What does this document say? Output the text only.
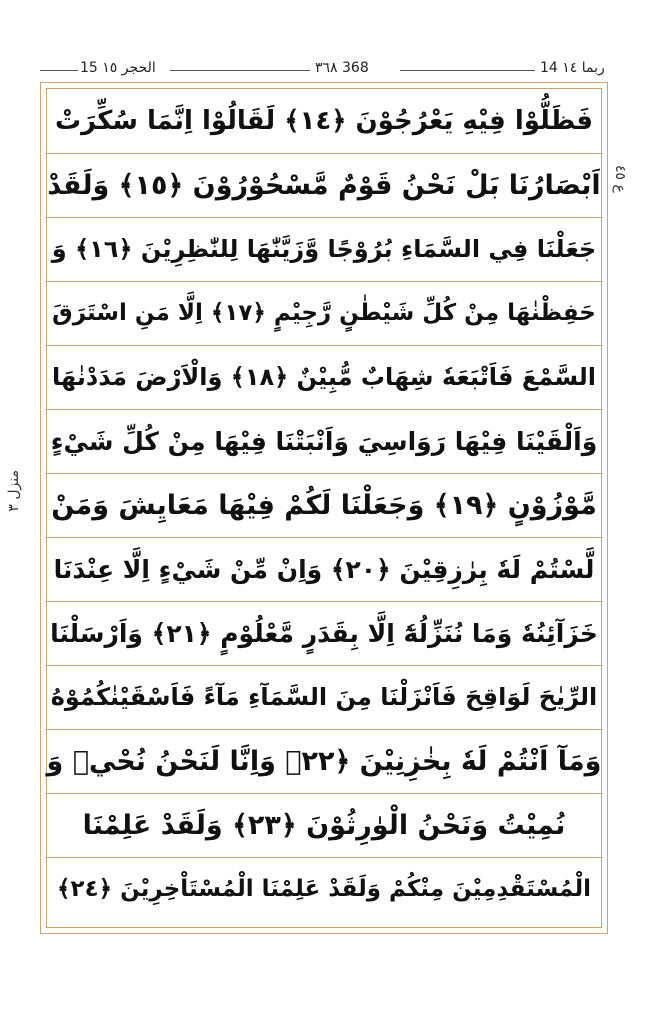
الحجر ١٥ 15	٣٦٨ 368	14 ربما ١٤
فَظَلُّوْا فِيْهِ يَعْرُجُوْنَ ﴿١٤﴾ لَقَالُوْا اِنَّمَا سُكِّرَتْ
اَبْصَارُنَا بَلْ نَحْنُ قَوْمٌ مَّسْحُوْرُوْنَ ﴿١٥﴾ وَلَقَدْ
جَعَلْنَا فِي السَّمَاءِ بُرُوْجًا وَّزَيَّنّٰهَا لِلنّٰظِرِيْنَ ﴿١٦﴾ وَ
حَفِظْنٰهَا مِنْ كُلِّ شَيْطٰنٍ رَّجِيْمٍ ﴿١٧﴾ اِلَّا مَنِ اسْتَرَقَ
السَّمْعَ فَاَتْبَعَهٗ شِهَابٌ مُّبِيْنٌ ﴿١٨﴾ وَالْاَرْضَ مَدَدْنٰهَا
وَاَلْقَيْنَا فِيْهَا رَوَاسِيَ وَاَنْبَتْنَا فِيْهَا مِنْ كُلِّ شَيْءٍ
مَّوْزُوْنٍ ﴿١٩﴾ وَجَعَلْنَا لَكُمْ فِيْهَا مَعَايِشَ وَمَنْ
لَّسْتُمْ لَهٗ بِرٰزِقِيْنَ ﴿٢٠﴾ وَاِنْ مِّنْ شَيْءٍ اِلَّا عِنْدَنَا
خَزَآئِنُهٗ وَمَا نُنَزِّلُهٗٓ اِلَّا بِقَدَرٍ مَّعْلُوْمٍ ﴿٢١﴾ وَاَرْسَلْنَا
الرِّيٰحَ لَوَاقِحَ فَاَنْزَلْنَا مِنَ السَّمَآءِ مَآءً فَاَسْقَيْنٰكُمُوْهُ
وَمَآ اَنْتُمْ لَهٗ بِخٰزِنِيْنَ ﴿٢٢﴾ وَاِنَّا لَنَحْنُ نُحْيٖ وَ
نُمِيْتُ وَنَحْنُ الْوٰرِثُوْنَ ﴿٢٣﴾ وَلَقَدْ عَلِمْنَا
الْمُسْتَقْدِمِيْنَ مِنْكُمْ وَلَقَدْ عَلِمْنَا الْمُسْتَاْخِرِيْنَ ﴿٢٤﴾
ع ٤٥
منزل ٣
